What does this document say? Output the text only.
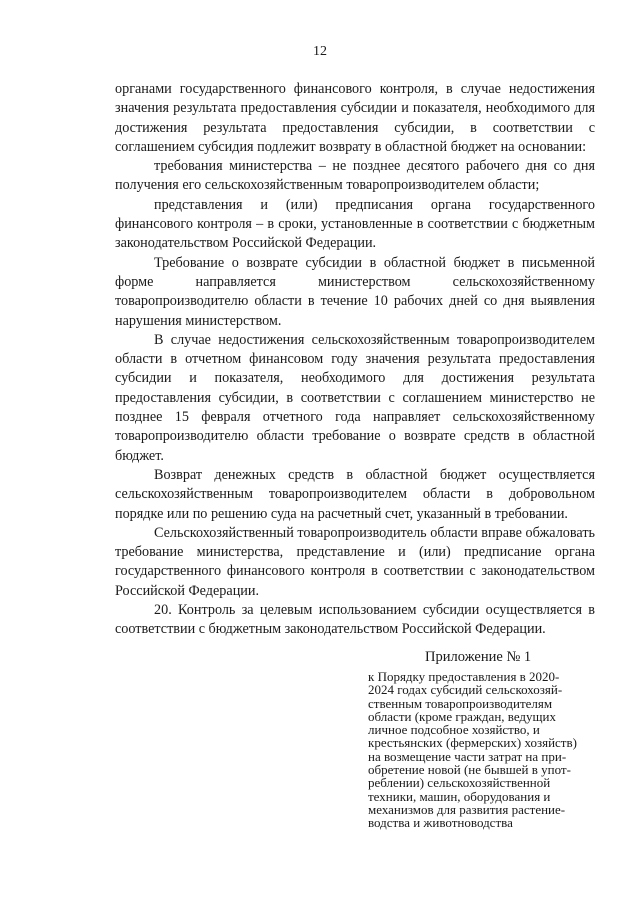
12

органами государственного финансового контроля, в случае недостижения значения результата предоставления субсидии и показателя, необходимого для достижения результата предоставления субсидии, в соответствии с соглашением субсидия подлежит возврату в областной бюджет на основании:

требования министерства – не позднее десятого рабочего дня со дня получения его сельскохозяйственным товаропроизводителем области;

представления и (или) предписания органа государственного финансового контроля – в сроки, установленные в соответствии с бюджетным законодательством Российской Федерации.

Требование о возврате субсидии в областной бюджет в письменной форме направляется министерством сельскохозяйственному товаропроизводителю области в течение 10 рабочих дней со дня выявления нарушения министерством.

В случае недостижения сельскохозяйственным товаропроизводителем области в отчетном финансовом году значения результата предоставления субсидии и показателя, необходимого для достижения результата предоставления субсидии, в соответствии с соглашением министерство не позднее 15 февраля отчетного года направляет сельскохозяйственному товаропроизводителю области требование о возврате средств в областной бюджет.

Возврат денежных средств в областной бюджет осуществляется сельскохозяйственным товаропроизводителем области в добровольном порядке или по решению суда на расчетный счет, указанный в требовании.

Сельскохозяйственный товаропроизводитель области вправе обжаловать требование министерства, представление и (или) предписание органа государственного финансового контроля в соответствии с законодательством Российской Федерации.

20. Контроль за целевым использованием субсидии осуществляется в соответствии с бюджетным законодательством Российской Федерации.

Приложение № 1
к Порядку предоставления в 2020-
2024 годах субсидий сельскохозяй-
ственным товаропроизводителям
области (кроме граждан, ведущих
личное подсобное хозяйство, и
крестьянских (фермерских) хозяйств)
на возмещение части затрат на при-
обретение новой (не бывшей в упот-
реблении) сельскохозяйственной
техники, машин, оборудования и
механизмов для развития растение-
водства и животноводства
